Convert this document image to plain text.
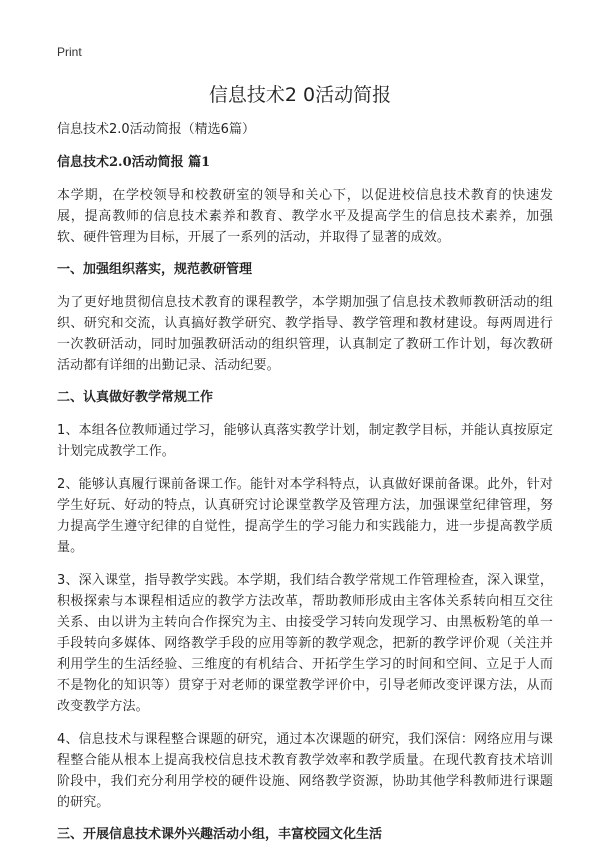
Print
信息技术2 0活动简报
信息技术2.0活动简报（精选6篇）
信息技术2.0活动简报 篇1

本学期，在学校领导和校教研室的领导和关心下，以促进校信息技术教育的快速发展，提高教师的信息技术素养和教育、教学水平及提高学生的信息技术素养，加强软、硬件管理为目标，开展了一系列的活动，并取得了显著的成效。

一、加强组织落实，规范教研管理

为了更好地贯彻信息技术教育的课程教学，本学期加强了信息技术教师教研活动的组织、研究和交流，认真搞好教学研究、教学指导、教学管理和教材建设。每两周进行一次教研活动，同时加强教研活动的组织管理，认真制定了教研工作计划，每次教研活动都有详细的出勤记录、活动纪要。

二、认真做好教学常规工作

1、本组各位教师通过学习，能够认真落实教学计划，制定教学目标，并能认真按原定计划完成教学工作。

2、能够认真履行课前备课工作。能针对本学科特点，认真做好课前备课。此外，针对学生好玩、好动的特点，认真研究讨论课堂教学及管理方法，加强课堂纪律管理，努力提高学生遵守纪律的自觉性，提高学生的学习能力和实践能力，进一步提高教学质量。

3、深入课堂，指导教学实践。本学期，我们结合教学常规工作管理检查，深入课堂，积极探索与本课程相适应的教学方法改革，帮助教师形成由主客体关系转向相互交往关系、由以讲为主转向合作探究为主、由接受学习转向发现学习、由黑板粉笔的单一手段转向多媒体、网络教学手段的应用等新的教学观念，把新的教学评价观（关注并利用学生的生活经验、三维度的有机结合、开拓学生学习的时间和空间、立足于人而不是物化的知识等）贯穿于对老师的课堂教学评价中，引导老师改变评课方法，从而改变教学方法。

4、信息技术与课程整合课题的研究，通过本次课题的研究，我们深信：网络应用与课程整合能从根本上提高我校信息技术教育教学效率和教学质量。在现代教育技术培训阶段中，我们充分利用学校的硬件设施、网络教学资源，协助其他学科教师进行课题的研究。

三、开展信息技术课外兴趣活动小组，丰富校园文化生活
